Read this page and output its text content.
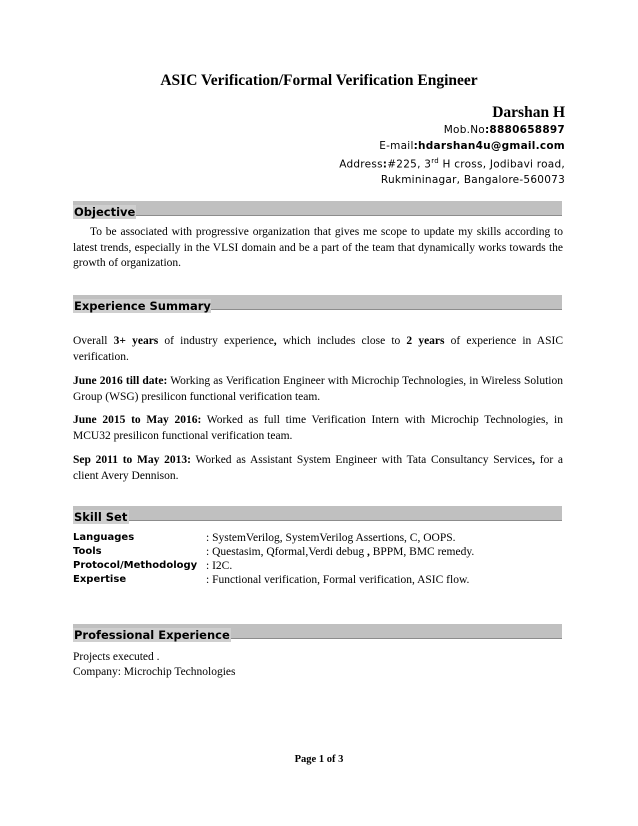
ASIC Verification/Formal Verification Engineer
Darshan H
Mob.No:8880658897
E-mail:hdarshan4u@gmail.com
Address:#225, 3rd H cross, Jodibavi road,
Rukmininagar, Bangalore-560073
Objective
To be associated with progressive organization that gives me scope to update my skills according to latest trends, especially in the VLSI domain and be a part of the team that dynamically works towards the growth of organization.
Experience Summary
Overall 3+ years of industry experience, which includes close to 2 years of experience in ASIC verification.
June 2016 till date: Working as Verification Engineer with Microchip Technologies, in Wireless Solution Group (WSG) presilicon functional verification team.
June 2015 to May 2016: Worked as full time Verification Intern with Microchip Technologies, in MCU32 presilicon functional verification team.
Sep 2011 to May 2013: Worked as Assistant System Engineer with Tata Consultancy Services, for a client Avery Dennison.
Skill Set
Languages	: SystemVerilog, SystemVerilog Assertions, C, OOPS.
Tools	: Questasim, Qformal,Verdi debug , BPPM, BMC remedy.
Protocol/Methodology : I2C.
Expertise	: Functional verification, Formal verification, ASIC flow.
Professional Experience
Projects executed .
Company: Microchip Technologies
Page 1 of 3
